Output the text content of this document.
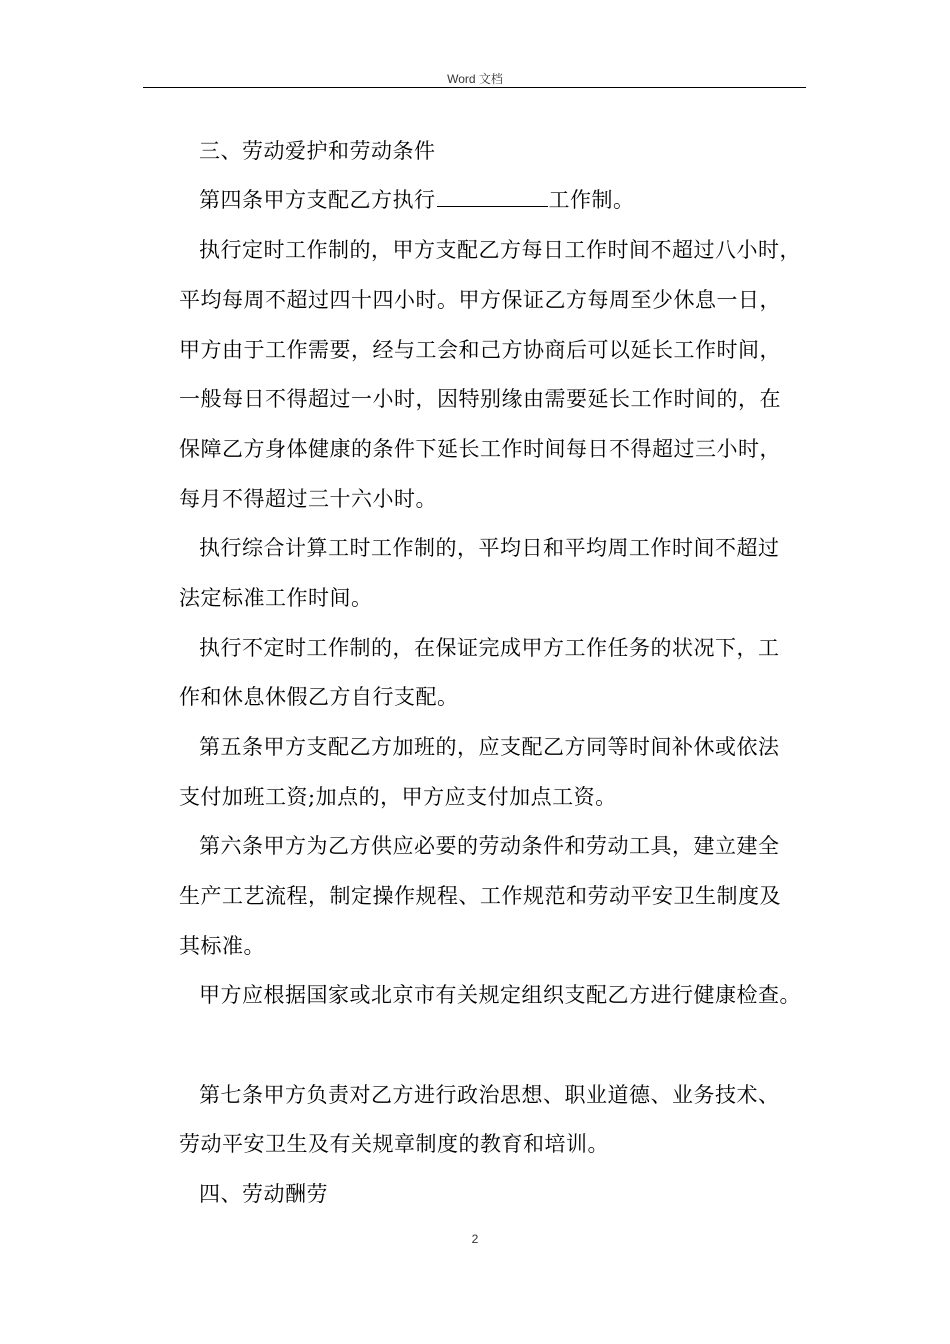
Word 文档
三、劳动爱护和劳动条件
第四条甲方支配乙方执行	工作制。
执行定时工作制的，甲方支配乙方每日工作时间不超过八小时，
平均每周不超过四十四小时。甲方保证乙方每周至少休息一日，
甲方由于工作需要，经与工会和己方协商后可以延长工作时间，
一般每日不得超过一小时，因特别缘由需要延长工作时间的，在
保障乙方身体健康的条件下延长工作时间每日不得超过三小时，
每月不得超过三十六小时。
执行综合计算工时工作制的，平均日和平均周工作时间不超过
法定标准工作时间。
执行不定时工作制的，在保证完成甲方工作任务的状况下，工
作和休息休假乙方自行支配。
第五条甲方支配乙方加班的，应支配乙方同等时间补休或依法
支付加班工资;加点的，甲方应支付加点工资。
第六条甲方为乙方供应必要的劳动条件和劳动工具，建立建全
生产工艺流程，制定操作规程、工作规范和劳动平安卫生制度及
其标准。
甲方应根据国家或北京市有关规定组织支配乙方进行健康检查。
第七条甲方负责对乙方进行政治思想、职业道德、业务技术、
劳动平安卫生及有关规章制度的教育和培训。
四、劳动酬劳
2
